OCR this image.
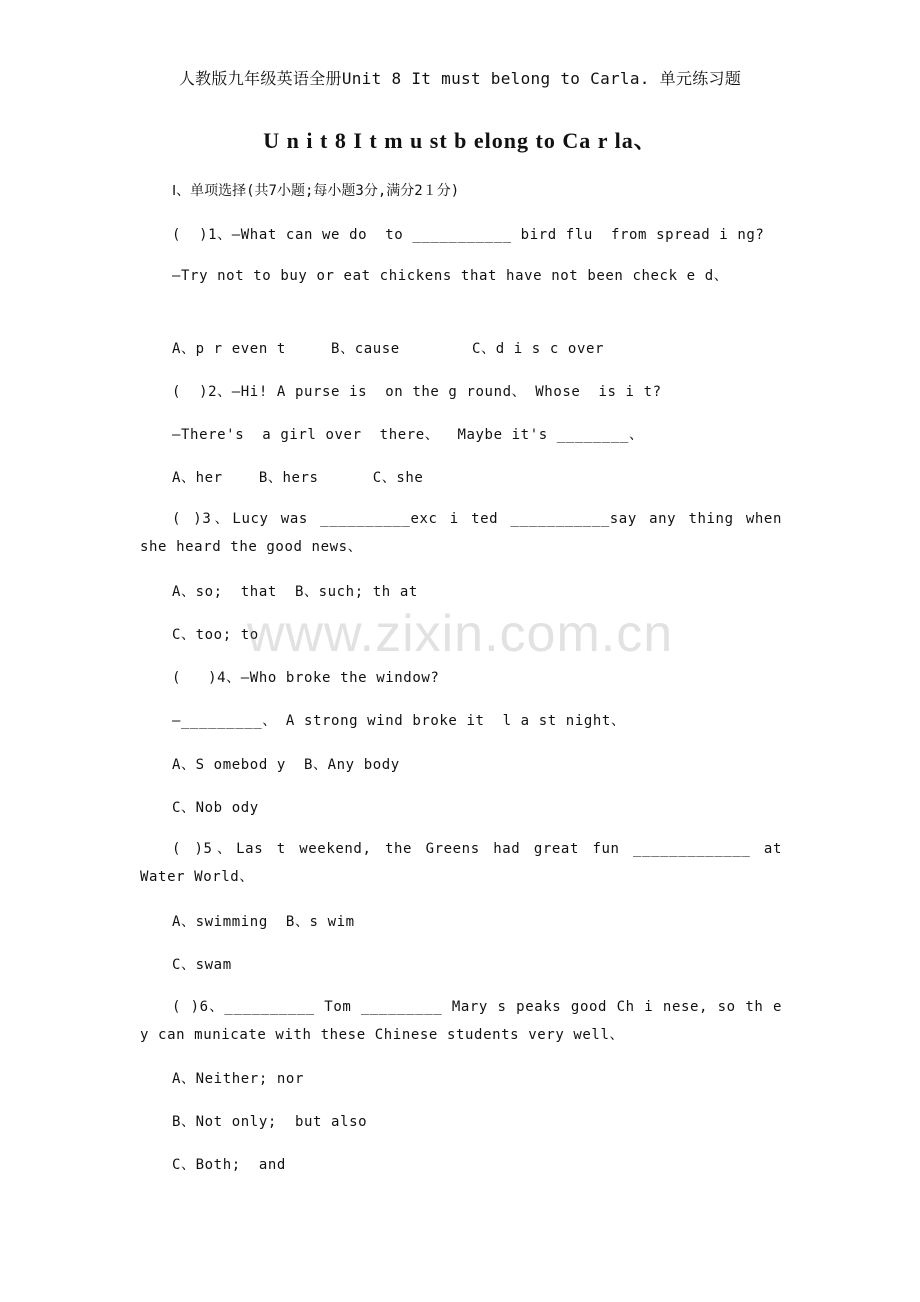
人教版九年级英语全册Unit 8 It must belong to Carla. 单元练习题
U n i t 8 I t m u st b elong to Ca r la、
Ⅰ、单项选择(共7小题;每小题3分,满分2１分)
(  )1、—What can we do  to ___________ bird flu  from spread i ng?
—Try not to buy or eat chickens that have not been check e d、
A、p r even t     B、cause        C、d i s c over
(  )2、—Hi! A purse is  on the g round、 Whose  is i t?
—There's  a girl over  there、  Maybe it's ________、
A、her    B、hers      C、she
( )3、Lucy was __________exc i ted ___________say any thing when she heard the good news、
A、so;  that  B、such; th at
C、too; to
(   )4、—Who broke the window?
—_________、 A strong wind broke it  l a st night、
A、S omebod y  B、Any body
C、Nob ody
( )5、Las t weekend, the Greens had great fun _____________ at Water World、
A、swimming  B、s wim
C、swam
( )6、__________ Tom _________ Mary s peaks good Ch i nese, so th e y can municate with these Chinese students very well、
A、Neither; nor
B、Not only;  but also
C、Both;  and
www.zixin.com.cn
